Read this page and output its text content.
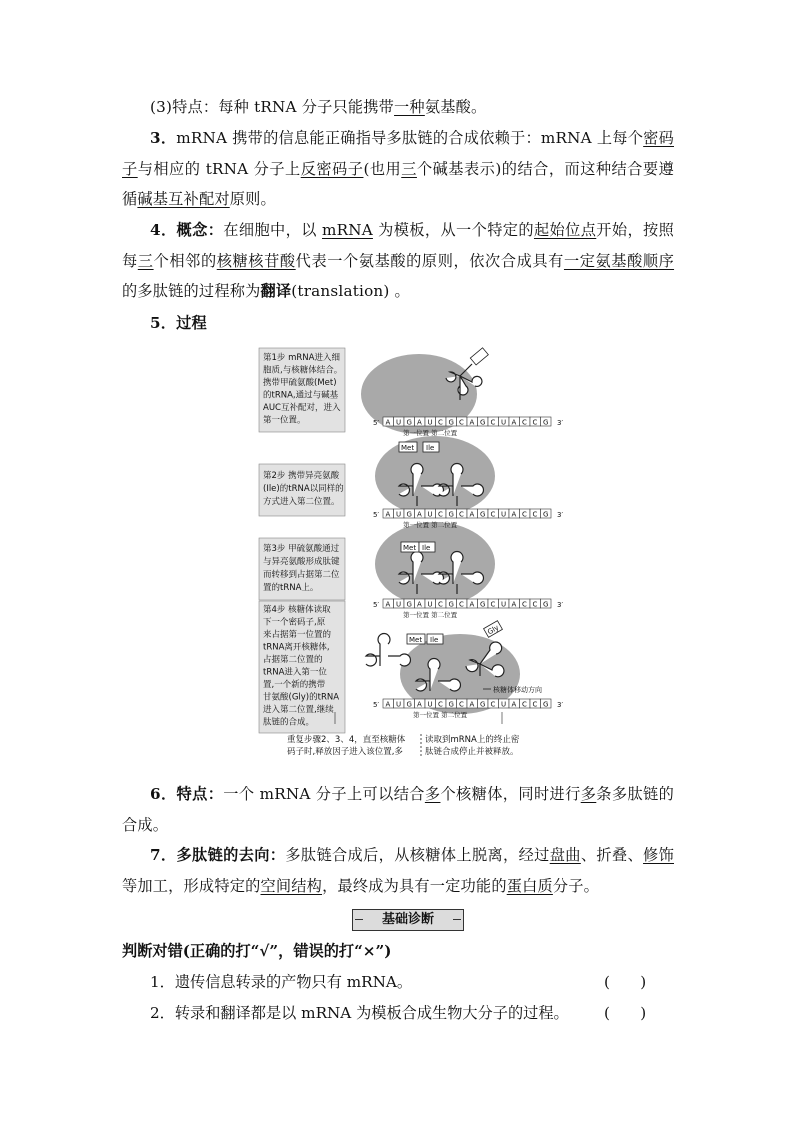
(3)特点：每种 tRNA 分子只能携带一种氨基酸。
3．mRNA 携带的信息能正确指导多肽链的合成依赖于：mRNA 上每个密码子与相应的 tRNA 分子上反密码子(也用三个碱基表示)的结合，而这种结合要遵循碱基互补配对原则。
4．概念：在细胞中，以 mRNA 为模板，从一个特定的起始位点开始，按照每三个相邻的核糖核苷酸代表一个氨基酸的原则，依次合成具有一定氨基酸顺序的多肽链的过程称为翻译(translation) 。
5．过程
第1步 mRNA进入细
胞质,与核糖体结合。
携带甲硫氨酸(Met)
的tRNA,通过与碱基
AUC互补配对，进入
第一位置。
第2步 携带异亮氨酸
(Ile)的tRNA以同样的
方式进入第二位置。
第3步 甲硫氨酸通过
与异亮氨酸形成肽键
而转移到占据第二位
置的tRNA上。
第4步 核糖体读取
下一个密码子,原
来占据第一位置的
tRNA离开核糖体,
占据第二位置的
tRNA进入第一位
置,一个新的携带
甘氨酸(Gly)的tRNA
进入第二位置,继续
肽链的合成。
Met Ile
Met Ile
Met Ile
Gly
5′ A U G A U C G C A G C U A C C G 3′
第一位置 第二位置
5′ A U G A U C G C A G C U A C C G 3′
第一位置 第二位置
5′ A U G A U C G C A G C U A C C G 3′
第一位置 第二位置
5′ A U G A U C G C A G C U A C C G 3′
第一位置 第二位置
核糖体移动方向
重复步骤2、3、4，直至核糖体
码子时,释放因子进入该位置,多
读取到mRNA上的终止密
肽链合成停止并被释放。
6．特点：一个 mRNA 分子上可以结合多个核糖体，同时进行多条多肽链的合成。
7．多肽链的去向：多肽链合成后，从核糖体上脱离，经过盘曲、折叠、修饰等加工，形成特定的空间结构，最终成为具有一定功能的蛋白质分子。
基础诊断
判断对错(正确的打“√”，错误的打“×”)
1．遗传信息转录的产物只有 mRNA。	(　　)
2．转录和翻译都是以 mRNA 为模板合成生物大分子的过程。 (　　)
